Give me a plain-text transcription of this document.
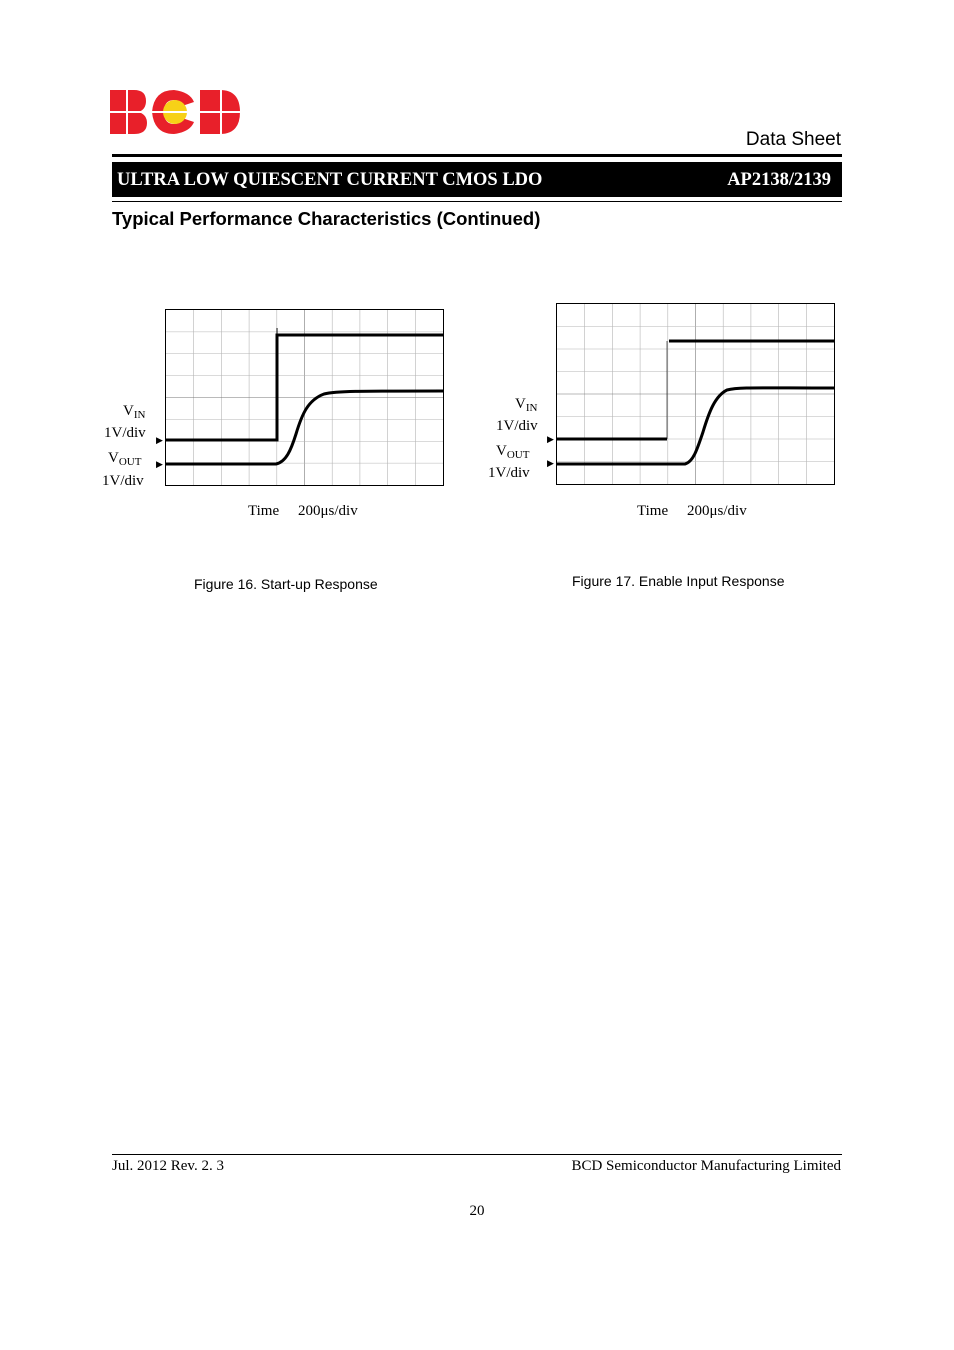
Data Sheet
ULTRA LOW QUIESCENT CURRENT CMOS LDO	AP2138/2139
Typical Performance Characteristics (Continued)
$V_{IN}$
1V/div
$V_{OUT}$
1V/div
▶
▶
Time 200μs/div
Figure 16. Start-up Response
$V_{IN}$
1V/div
$V_{OUT}$
1V/div
▶
▶
Time 200μs/div
Figure 17. Enable Input Response
Jul. 2012 Rev. 2. 3	BCD Semiconductor Manufacturing Limited
20
